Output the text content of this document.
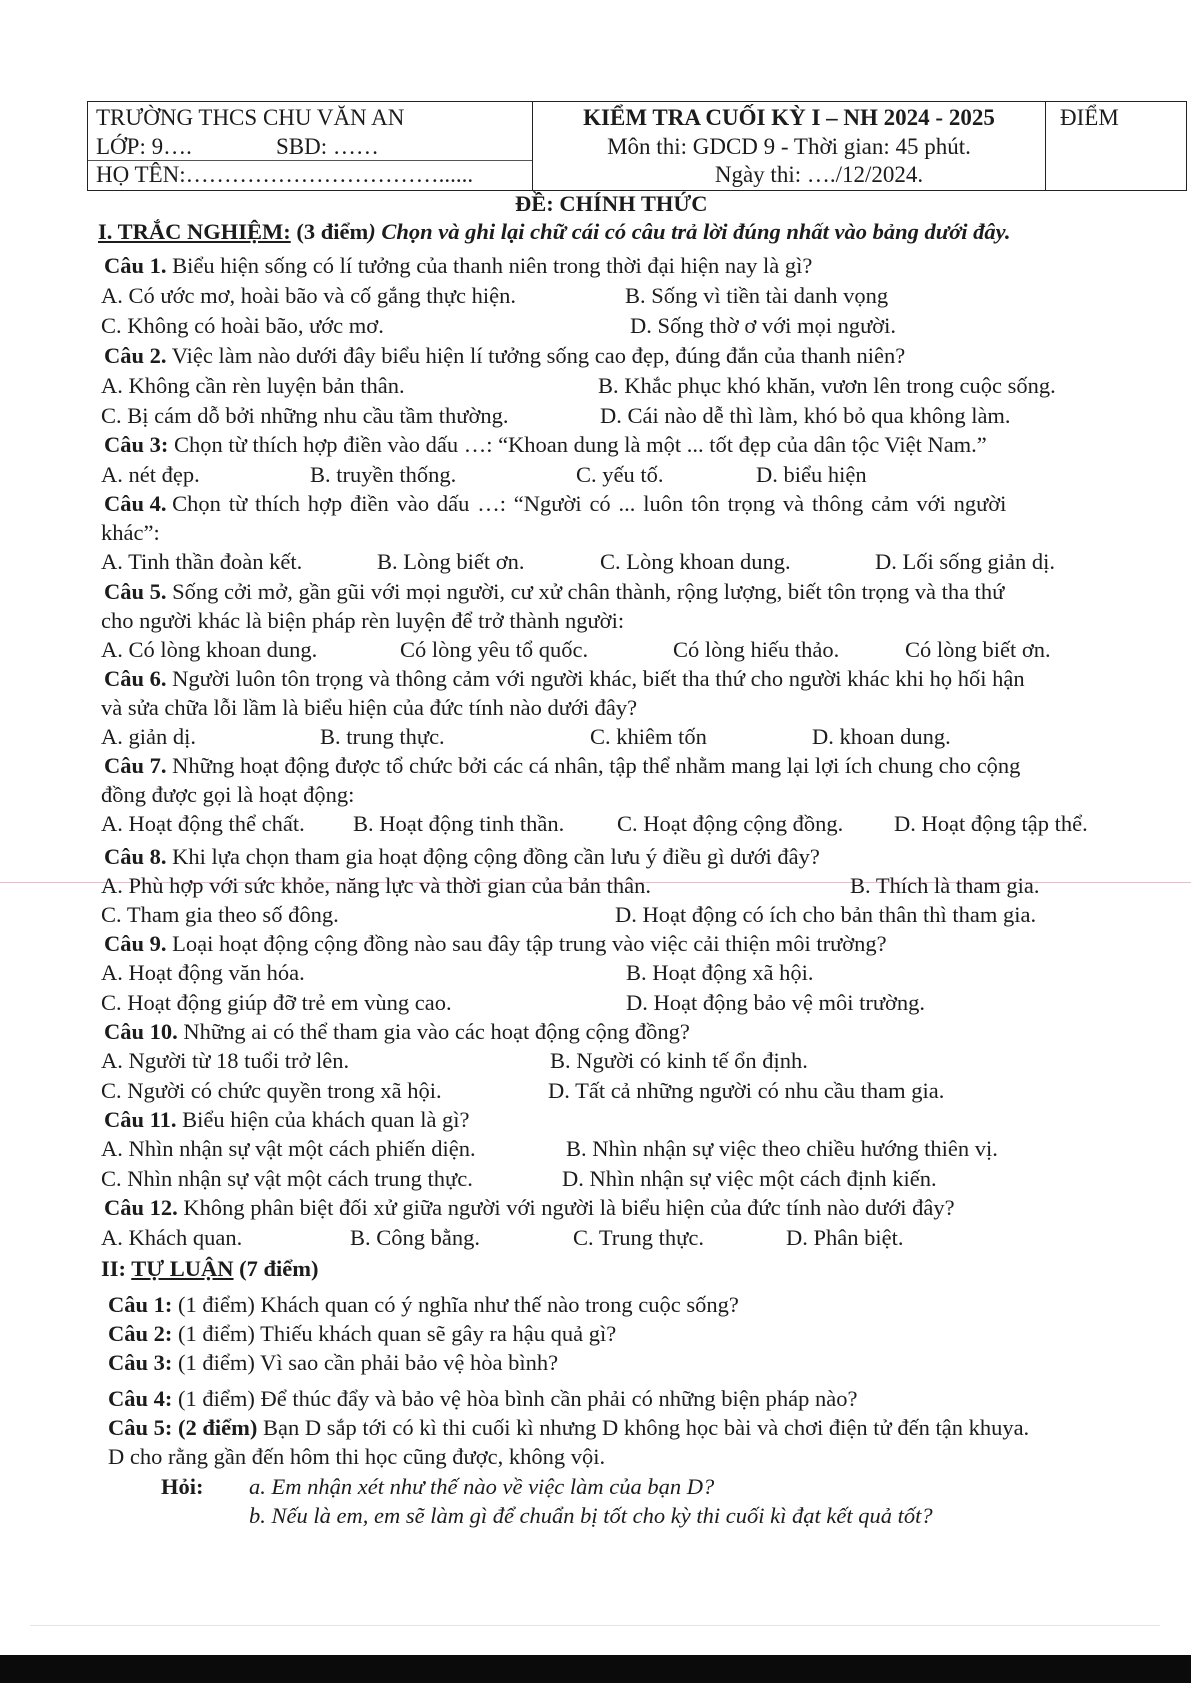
TRƯỜNG THCS CHU VĂN AN
LỚP: 9….	SBD: ……
HỌ TÊN:……………………………......
KIỂM TRA CUỐI KỲ I – NH 2024 - 2025
Môn thi: GDCD 9 - Thời gian: 45 phút.
Ngày thi: …./12/2024.
ĐIỂM
ĐỀ: CHÍNH THỨC
I. TRẮC NGHIỆM: (3 điểm) Chọn và ghi lại chữ cái có câu trả lời đúng nhất vào bảng dưới đây.
Câu 1. Biểu hiện sống có lí tưởng của thanh niên trong thời đại hiện nay là gì?
A. Có ước mơ, hoài bão và cố gắng thực hiện.	B. Sống vì tiền tài danh vọng
C. Không có hoài bão, ước mơ.	D. Sống thờ ơ với mọi người.
Câu 2. Việc làm nào dưới đây biểu hiện lí tưởng sống cao đẹp, đúng đắn của thanh niên?
A. Không cần rèn luyện bản thân.	B. Khắc phục khó khăn, vươn lên trong cuộc sống.
C. Bị cám dỗ bởi những nhu cầu tầm thường.	D. Cái nào dễ thì làm, khó bỏ qua không làm.
Câu 3: Chọn từ thích hợp điền vào dấu …: “Khoan dung là một ... tốt đẹp của dân tộc Việt Nam.”
A. nét đẹp.	B. truyền thống.	C. yếu tố.	D. biểu hiện
Câu 4. Chọn từ thích hợp điền vào dấu …: “Người có ... luôn tôn trọng và thông cảm với người
khác”:
A. Tinh thần đoàn kết.	B. Lòng biết ơn.	C. Lòng khoan dung.	D. Lối sống giản dị.
Câu 5. Sống cởi mở, gần gũi với mọi người, cư xử chân thành, rộng lượng, biết tôn trọng và tha thứ
cho người khác là biện pháp rèn luyện để trở thành người:
A. Có lòng khoan dung.	Có lòng yêu tổ quốc.	Có lòng hiếu thảo.	Có lòng biết ơn.
Câu 6. Người luôn tôn trọng và thông cảm với người khác, biết tha thứ cho người khác khi họ hối hận
và sửa chữa lỗi lầm là biểu hiện của đức tính nào dưới đây?
A. giản dị.	B. trung thực.	C. khiêm tốn	D. khoan dung.
Câu 7. Những hoạt động được tổ chức bởi các cá nhân, tập thể nhằm mang lại lợi ích chung cho cộng
đồng được gọi là hoạt động:
A. Hoạt động thể chất. B. Hoạt động tinh thần. C. Hoạt động cộng đồng. D. Hoạt động tập thể.
Câu 8. Khi lựa chọn tham gia hoạt động cộng đồng cần lưu ý điều gì dưới đây?
A. Phù hợp với sức khỏe, năng lực và thời gian của bản thân.	B. Thích là tham gia.
C. Tham gia theo số đông.	D. Hoạt động có ích cho bản thân thì tham gia.
Câu 9. Loại hoạt động cộng đồng nào sau đây tập trung vào việc cải thiện môi trường?
A. Hoạt động văn hóa.	B. Hoạt động xã hội.
C. Hoạt động giúp đỡ trẻ em vùng cao.	D. Hoạt động bảo vệ môi trường.
Câu 10. Những ai có thể tham gia vào các hoạt động cộng đồng?
A. Người từ 18 tuổi trở lên.	B. Người có kinh tế ổn định.
C. Người có chức quyền trong xã hội.	D. Tất cả những người có nhu cầu tham gia.
Câu 11. Biểu hiện của khách quan là gì?
A. Nhìn nhận sự vật một cách phiến diện.	B. Nhìn nhận sự việc theo chiều hướng thiên vị.
C. Nhìn nhận sự vật một cách trung thực.	D. Nhìn nhận sự việc một cách định kiến.
Câu 12. Không phân biệt đối xử giữa người với người là biểu hiện của đức tính nào dưới đây?
A. Khách quan.	B. Công bằng.	C. Trung thực.	D. Phân biệt.
II: TỰ LUẬN (7 điểm)
Câu 1: (1 điểm) Khách quan có ý nghĩa như thế nào trong cuộc sống?
Câu 2: (1 điểm) Thiếu khách quan sẽ gây ra hậu quả gì?
Câu 3: (1 điểm) Vì sao cần phải bảo vệ hòa bình?
Câu 4: (1 điểm) Để thúc đẩy và bảo vệ hòa bình cần phải có những biện pháp nào?
Câu 5: (2 điểm) Bạn D sắp tới có kì thi cuối kì nhưng D không học bài và chơi điện tử đến tận khuya.
D cho rằng gần đến hôm thi học cũng được, không vội.
Hỏi: a. Em nhận xét như thế nào về việc làm của bạn D?
b. Nếu là em, em sẽ làm gì để chuẩn bị tốt cho kỳ thi cuối kì đạt kết quả tốt?
